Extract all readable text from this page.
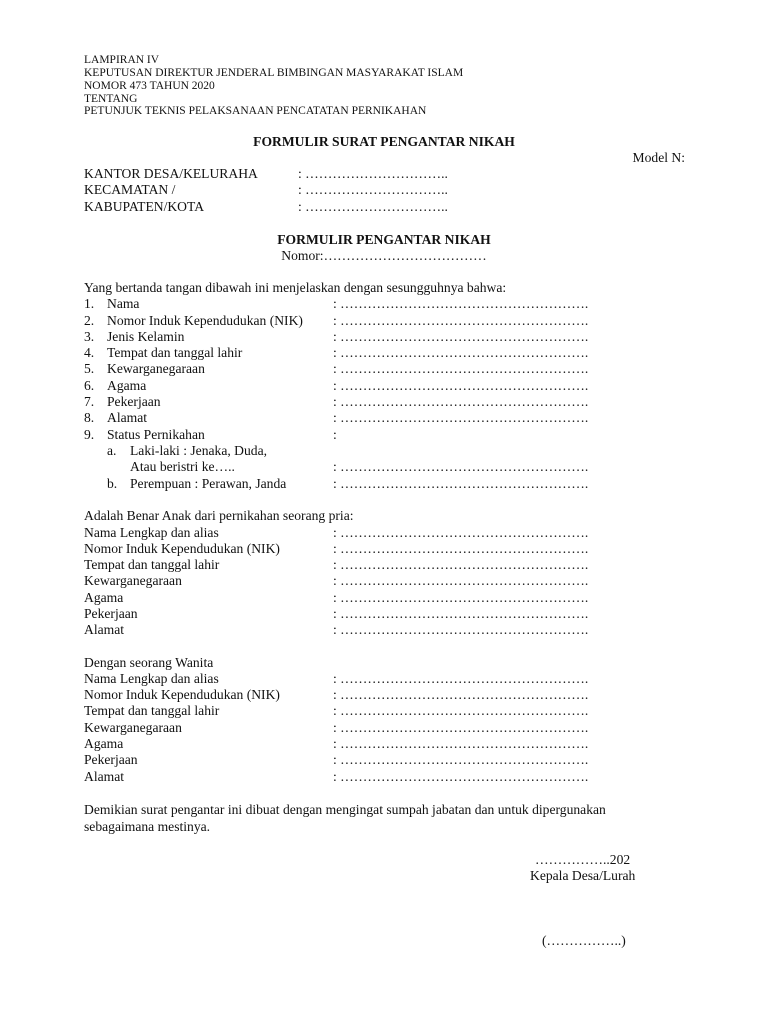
LAMPIRAN IV
KEPUTUSAN DIREKTUR JENDERAL BIMBINGAN MASYARAKAT ISLAM
NOMOR 473 TAHUN 2020
TENTANG
PETUNJUK TEKNIS PELAKSANAAN PENCATATAN PERNIKAHAN
FORMULIR SURAT PENGANTAR NIKAH
Model N:
KANTOR DESA/KELURAHA	: …………………………..
KECAMATAN /	: …………………………..
KABUPATEN/KOTA	: …………………………..
FORMULIR PENGANTAR NIKAH
Nomor:………………………………
Yang bertanda tangan dibawah ini menjelaskan dengan sesungguhnya bahwa:
1. Nama	: ……………………………………………….
2. Nomor Induk Kependudukan (NIK) : ……………………………………………….
3. Jenis Kelamin	: ……………………………………………….
4. Tempat dan tanggal lahir	: ……………………………………………….
5. Kewarganegaraan	: ……………………………………………….
6. Agama	: ……………………………………………….
7. Pekerjaan	: ……………………………………………….
8. Alamat	: ……………………………………………….
9. Status Pernikahan	:
a. Laki-laki : Jenaka, Duda,
Atau beristri ke…..	: ……………………………………………….
b. Perempuan : Perawan, Janda	: ……………………………………………….
Adalah Benar Anak dari pernikahan seorang pria:
Nama Lengkap dan alias	: ……………………………………………….
Nomor Induk Kependudukan (NIK)	: ……………………………………………….
Tempat dan tanggal lahir	: ……………………………………………….
Kewarganegaraan	: ……………………………………………….
Agama	: ……………………………………………….
Pekerjaan	: ……………………………………………….
Alamat	: ……………………………………………….
Dengan seorang Wanita
Nama Lengkap dan alias	: ……………………………………………….
Nomor Induk Kependudukan (NIK)	: ……………………………………………….
Tempat dan tanggal lahir	: ……………………………………………….
Kewarganegaraan	: ……………………………………………….
Agama	: ……………………………………………….
Pekerjaan	: ……………………………………………….
Alamat	: ……………………………………………….
Demikian surat pengantar ini dibuat dengan mengingat sumpah jabatan dan untuk dipergunakan
sebagaimana mestinya.
……………..202
Kepala Desa/Lurah
(……………..)
